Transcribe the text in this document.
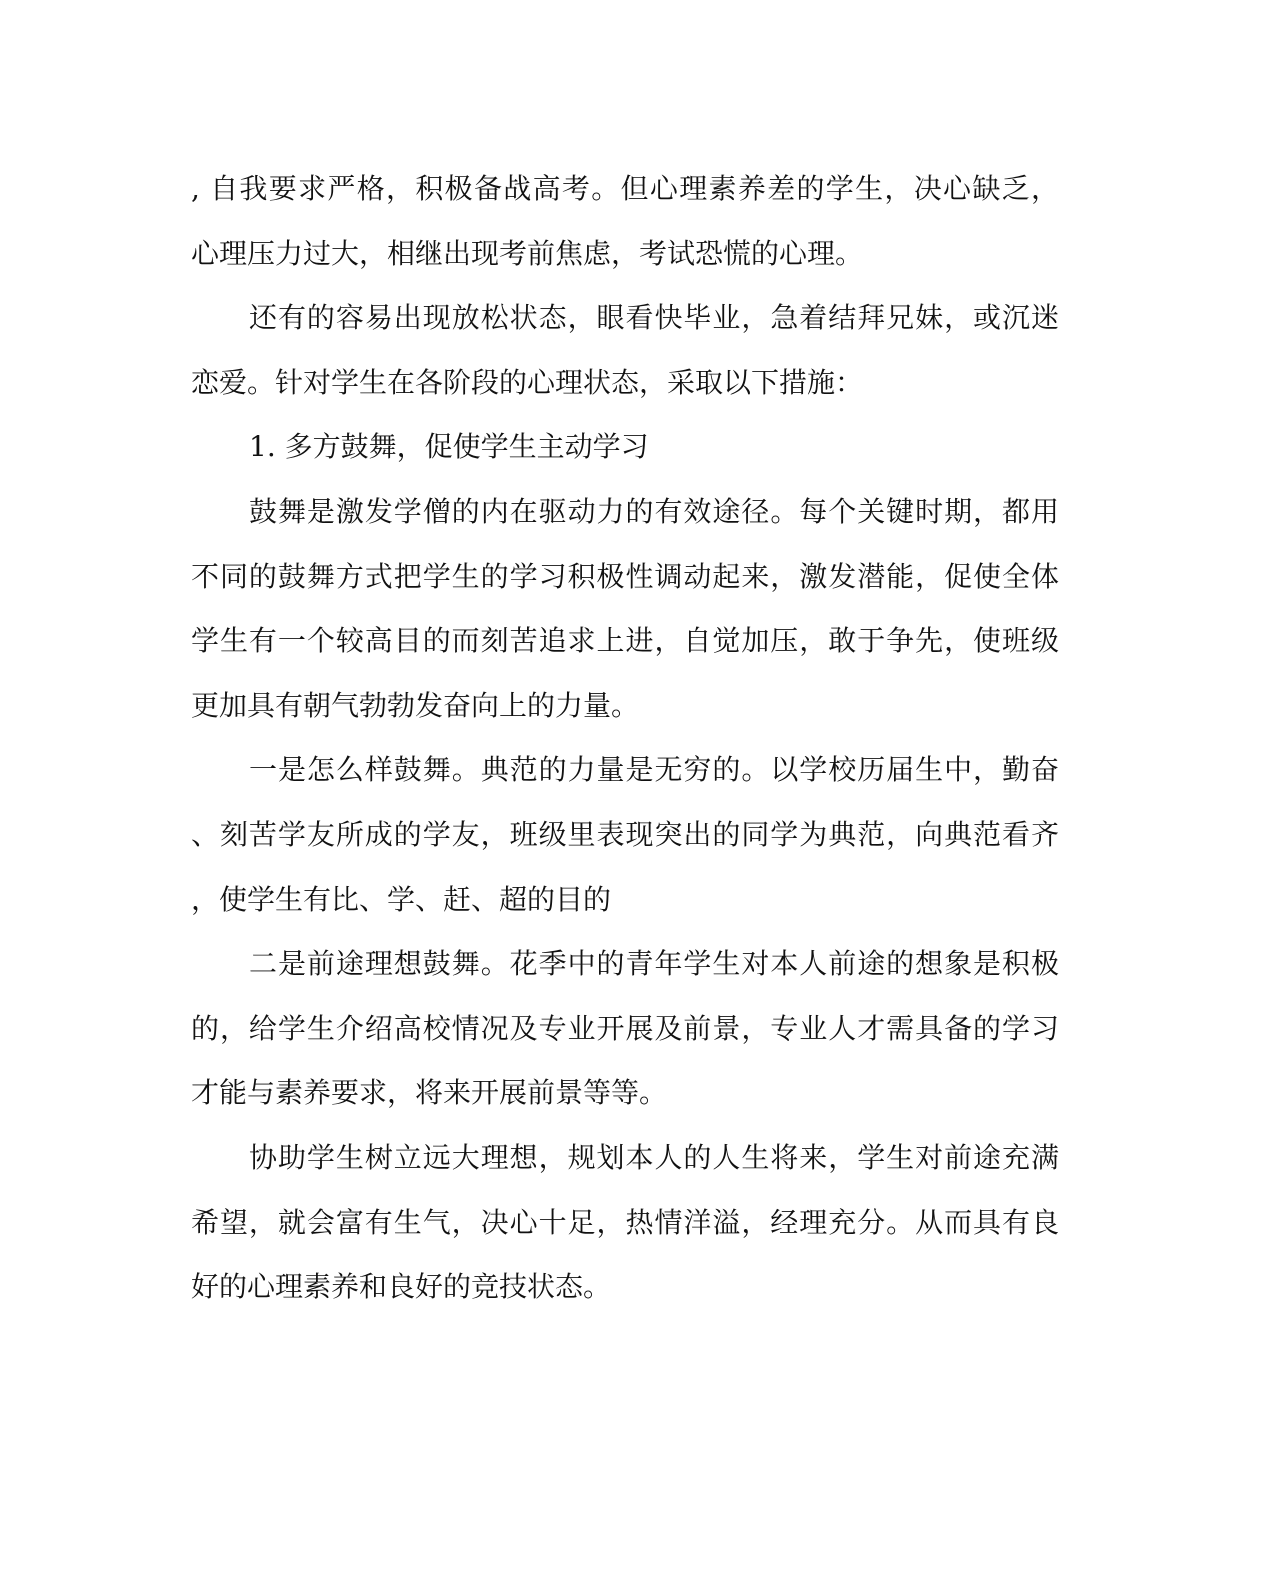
, 自我要求严格，积极备战高考。但心理素养差的学生，决心缺乏，
心理压力过大，相继出现考前焦虑，考试恐慌的心理。
还有的容易出现放松状态，眼看快毕业，急着结拜兄妹，或沉迷
恋爱。针对学生在各阶段的心理状态，采取以下措施：
1. 多方鼓舞，促使学生主动学习
鼓舞是激发学僧的内在驱动力的有效途径。每个关键时期，都用
不同的鼓舞方式把学生的学习积极性调动起来，激发潜能，促使全体
学生有一个较高目的而刻苦追求上进，自觉加压，敢于争先，使班级
更加具有朝气勃勃发奋向上的力量。
一是怎么样鼓舞。典范的力量是无穷的。以学校历届生中，勤奋
、刻苦学友所成的学友，班级里表现突出的同学为典范，向典范看齐
，使学生有比、学、赶、超的目的
二是前途理想鼓舞。花季中的青年学生对本人前途的想象是积极
的，给学生介绍高校情况及专业开展及前景，专业人才需具备的学习
才能与素养要求，将来开展前景等等。
协助学生树立远大理想，规划本人的人生将来，学生对前途充满
希望，就会富有生气，决心十足，热情洋溢，经理充分。从而具有良
好的心理素养和良好的竞技状态。
